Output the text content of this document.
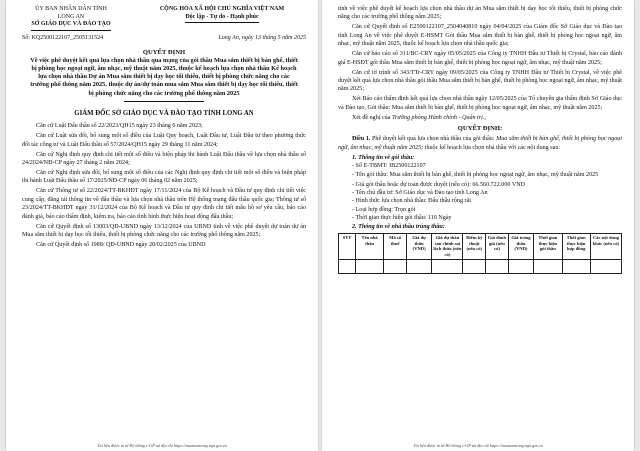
ỦY BAN NHÂN DÂN TỈNH
LONG AN
SỞ GIÁO DỤC VÀ ĐÀO TẠO
CỘNG HÒA XÃ HỘI CHỦ NGHĨA VIỆT NAM
Độc lập - Tự do - Hạnh phúc
Số: KQ2500122107_2505131524	Long An, ngày 13 tháng 5 năm 2025
QUYẾT ĐỊNH
Về việc phê duyệt kết quả lựa chọn nhà thầu qua mạng của gói thầu Mua sắm thiết bị bàn ghế, thiết bị phòng học ngoại ngữ, âm nhạc, mỹ thuật năm 2025, thuộc kế hoạch lựa chọn nhà thầu Kế hoạch lựa chọn nhà thầu Dự án Mua sắm thiết bị dạy học tối thiểu, thiết bị phòng chức năng cho các trường phổ thông năm 2025, thuộc dự án/dự toán mua sắm Mua sắm thiết bị dạy học tối thiểu, thiết bị phòng chức năng cho các trường phổ thông năm 2025
GIÁM ĐỐC SỞ GIÁO DỤC VÀ ĐÀO TẠO TỈNH LONG AN

Căn cứ Luật Đấu thầu số 22/2023/QH15 ngày 23 tháng 6 năm 2023;

Căn cứ Luật sửa đổi, bổ sung một số điều của Luật Quy hoạch, Luật Đầu tư, Luật Đầu tư theo phương thức đối tác công tư và Luật Đấu thầu số 57/2024/QH15 ngày 29 tháng 11 năm 2024;

Căn cứ Nghị định quy định chi tiết một số điều và biện pháp thi hành Luật Đấu thầu về lựa chọn nhà thầu số 24/2024/NĐ-CP ngày 27 tháng 2 năm 2024;

Căn cứ Nghị định sửa đổi, bổ sung một số điều của các Nghị định quy định chi tiết một số điều và biện pháp thi hành Luật Đấu thầu số 17/2025/NĐ-CP ngày 06 tháng 02 năm 2025;

Căn cứ Thông tư số 22/2024/TT-BKHĐT ngày 17/11/2024 của Bộ Kế hoạch và Đầu tư quy định chi tiết việc cung cấp, đăng tải thông tin về đấu thầu và lựa chọn nhà thầu trên Hệ thống mạng đấu thầu quốc gia; Thông tư số 23/2024/TT-BKHĐT ngày 31/12/2024 của Bộ Kế hoạch và Đầu tư quy định chi tiết mẫu hồ sơ yêu cầu, báo cáo đánh giá, báo cáo thẩm định, kiểm tra, báo cáo tình hình thực hiện hoạt động đấu thầu;

Căn cứ Quyết định số 13003/QĐ-UBND ngày 13/12/2024 của UBND tỉnh về việc phê duyệt dự toán dự án Mua sắm thiết bị dạy học tối thiểu, thiết bị phòng chức năng cho các trường phổ thông năm 2025;

Căn cứ Quyết định số 1988/ QĐ-UBND ngày 28/02/2025 của UBND

Tài liệu được in từ Hệ thống e-GP tại địa chỉ https://muasamcong.mpi.gov.vn

tỉnh về việc phê duyệt kế hoạch lựa chọn nhà thầu dự án Mua sắm thiết bị dạy học tối thiểu, thiết bị phòng chức năng cho các trường phổ thông năm 2025;

Căn cứ Quyết định số E2500122107_2504040810 ngày 04/04/2025 của Giám đốc Sở Giáo dục và Đào tạo tỉnh Long An về việc phê duyệt E-HSMT Gói thầu Mua sắm thiết bị bàn ghế, thiết bị phòng học ngoại ngữ, âm nhạc, mỹ thuật năm 2025, thuộc kế hoạch lựa chọn nhà thầu quốc gia;

Căn cứ báo cáo số 311/BC-CRY ngày 05/05/2025 của Công ty TNHH Đầu tư Thiết bị Crystal, báo cáo đánh giá E-HSĐT gói thầu Mua sắm thiết bị bàn ghế, thiết bị phòng học ngoại ngữ, âm nhạc, mỹ thuật năm 2025;

Căn cứ tờ trình số 343/TTr-CRY ngày 09/05/2025 của Công ty TNHH Đầu tư Thiết bị Crystal, về việc phê duyệt kết quả lựa chọn nhà thầu gói thầu Mua sắm thiết bị bàn ghế, thiết bị phòng học ngoại ngữ, âm nhạc, mỹ thuật năm 2025;

Xét Báo cáo thẩm định kết quả lựa chọn nhà thầu ngày 12/05/2025 của Tổ chuyên gia thẩm định Sở Giáo dục và Đào tạo, Gói thầu: Mua sắm thiết bị bàn ghế, thiết bị phòng học ngoại ngữ, âm nhạc, mỹ thuật năm 2025;

Xét đề nghị của Trưởng phòng Hành chính - Quản trị.,

QUYẾT ĐỊNH:

Điều 1. Phê duyệt kết quả lựa chọn nhà thầu của gói thầu: Mua sắm thiết bị bàn ghế, thiết bị phòng học ngoại ngữ, âm nhạc, mỹ thuật năm 2025; thuộc kế hoạch lựa chọn nhà thầu với các nội dung sau:

1. Thông tin về gói thầu:

- Số E-TBMT: IB2500122107

- Tên gói thầu: Mua sắm thiết bị bàn ghế, thiết bị phòng học ngoại ngữ, âm nhạc, mỹ thuật năm 2025

- Giá gói thầu hoặc dự toán được duyệt (nếu có): 66.560.722.000 VND

- Tên chủ đầu tư: Sở Giáo dục và Đào tạo tỉnh Long An

- Hình thức lựa chọn nhà thầu: Đấu thầu rộng rãi

- Loại hợp đồng: Trọn gói

- Thời gian thực hiện gói thầu: 110 Ngày

2. Thông tin về nhà thầu trúng thầu:

STT	Tên nhà thầu	Mã số thuế	Giá dự thầu (VND)	Giá dự thầu sau chỉnh sai lệch thừa (nếu có)	Điểm kỹ thuật (nếu có)	Giá đánh giá (nếu có)	Giá trúng thầu (VND)	Thời gian thực hiện gói thầu	Thời gian thực hiện hợp đồng	Các nội dung khác (nếu có)

Tài liệu được in từ Hệ thống e-GP tại địa chỉ https://muasamcong.mpi.gov.vn
